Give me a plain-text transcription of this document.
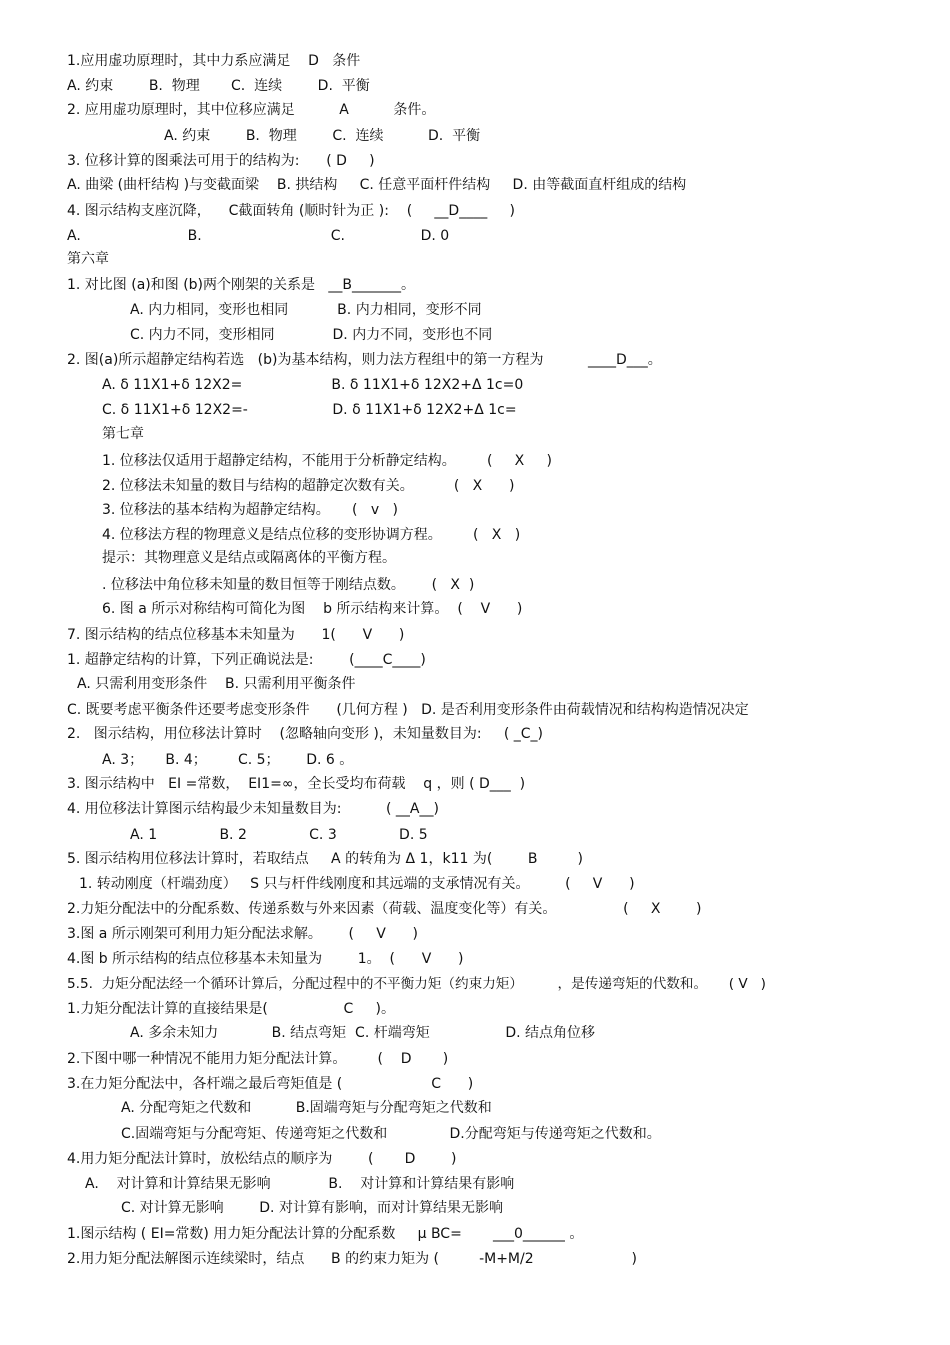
1.应用虚功原理时，其中力系应满足    D   条件
A. 约束        B.  物理       C.  连续        D.  平衡
2. 应用虚功原理时，其中位移应满足          A          条件。
A. 约束        B.  物理        C.  连续          D.  平衡
3. 位移计算的图乘法可用于的结构为:      ( D     )
A. 曲梁 (曲杆结构 )与变截面梁    B. 拱结构     C. 任意平面杆件结构     D. 由等截面直杆组成的结构
4. 图示结构支座沉降，    C截面转角 (顺时针为正 ):    (     __D____     )
A.                        B.                             C.                 D. 0
第六章
1. 对比图 (a)和图 (b)两个刚架的关系是   __B_______。
A. 内力相同，变形也相同           B. 内力相同，变形不同
C. 内力不同，变形相同             D. 内力不同，变形也不同
2. 图(a)所示超静定结构若选   (b)为基本结构，则力法方程组中的第一方程为          ____D___。
A. δ 11X1+δ 12X2=                    B. δ 11X1+δ 12X2+Δ 1c=0
C. δ 11X1+δ 12X2=-                   D. δ 11X1+δ 12X2+Δ 1c=
第七章
1. 位移法仅适用于超静定结构，不能用于分析静定结构。       (     X     )
2. 位移法未知量的数目与结构的超静定次数有关。         (   X      )
3. 位移法的基本结构为超静定结构。     (   v   )
4. 位移法方程的物理意义是结点位移的变形协调方程。       (   X   )
提示：其物理意义是结点或隔离体的平衡方程。
. 位移法中角位移未知量的数目恒等于刚结点数。      (   X  )
6. 图 a 所示对称结构可简化为图    b 所示结构来计算。  (    V      )
7. 图示结构的结点位移基本未知量为      1(      V      )
1. 超静定结构的计算，下列正确说法是:        (____C____)
A. 只需利用变形条件    B. 只需利用平衡条件
C. 既要考虑平衡条件还要考虑变形条件      (几何方程 )   D. 是否利用变形条件由荷载情况和结构构造情况决定
2.   图示结构，用位移法计算时    (忽略轴向变形 )，未知量数目为:     ( _C_)
A. 3；     B. 4；       C. 5；      D. 6 。
3. 图示结构中   EI =常数，  EI1=∞，全长受均布荷载    q ，则 ( D___  )
4. 用位移法计算图示结构最少未知量数目为:          ( __A__)
A. 1              B. 2              C. 3              D. 5
5. 图示结构用位移法计算时，若取结点     A 的转角为 Δ 1，k11 为(        B         )
1. 转动刚度（杆端劲度）   S 只与杆件线刚度和其远端的支承情况有关。        (     V      )
2.力矩分配法中的分配系数、传递系数与外来因素（荷载、温度变化等）有关。               (     X        )
3.图 a 所示刚架可利用力矩分配法求解。      (     V      )
4.图 b 所示结构的结点位移基本未知量为        1。  (      V      )
5.5.  力矩分配法经一个循环计算后，分配过程中的不平衡力矩（约束力矩）        ，是传递弯矩的代数和。     ( V   )
1.力矩分配法计算的直接结果是(                 C     )。
A. 多余未知力            B. 结点弯矩  C. 杆端弯矩                 D. 结点角位移
2.下图中哪一种情况不能用力矩分配法计算。       (    D       )
3.在力矩分配法中，各杆端之最后弯矩值是 (                    C      )
A. 分配弯矩之代数和          B.固端弯矩与分配弯矩之代数和
C.固端弯矩与分配弯矩、传递弯矩之代数和              D.分配弯矩与传递弯矩之代数和。
4.用力矩分配法计算时，放松结点的顺序为        (       D        )
A.    对计算和计算结果无影响             B.    对计算和计算结果有影响
C. 对计算无影响        D. 对计算有影响，而对计算结果无影响
1.图示结构 ( EI=常数) 用力矩分配法计算的分配系数     μ BC=       ___0______ 。
2.用力矩分配法解图示连续梁时，结点      B 的约束力矩为 (         -M+M/2                      )
